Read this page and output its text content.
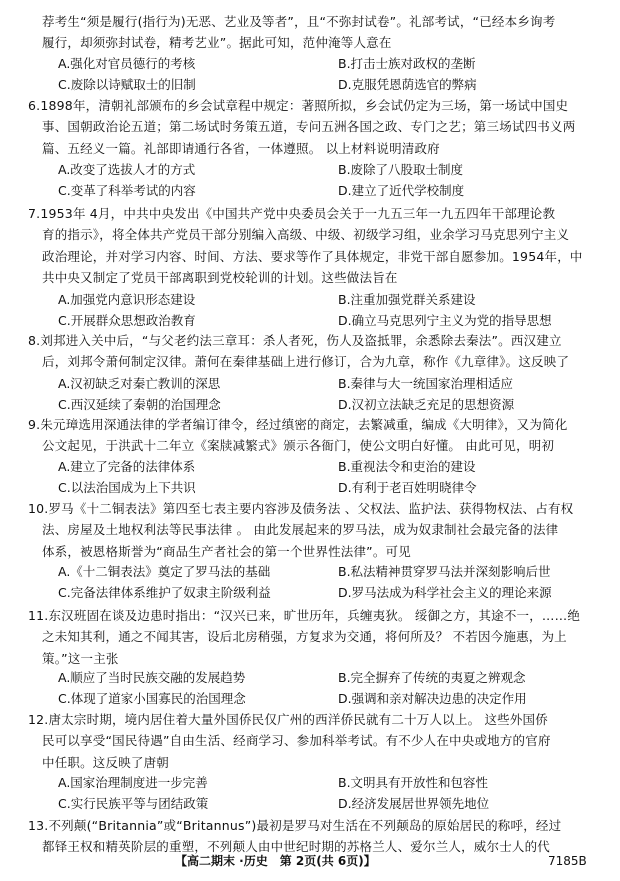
荐考生“须是履行(指行为)无恶、艺业及等者”，且“不弥封试卷”。礼部考试，“已经本乡询考
履行，却须弥封试卷，精考艺业”。据此可知，范仲淹等人意在
A.强化对官员德行的考核	B.打击士族对政权的垄断
C.废除以诗赋取士的旧制	D.克服凭恩荫选官的弊病
6.1898年，清朝礼部颁布的乡会试章程中规定：著照所拟，乡会试仍定为三场，第一场试中国史
事、国朝政治论五道；第二场试时务策五道，专问五洲各国之政、专门之艺；第三场试四书义两
篇、五经义一篇。礼部即请通行各省，一体遵照。 以上材料说明清政府
A.改变了选拔人才的方式	B.废除了八股取士制度
C.变革了科举考试的内容	D.建立了近代学校制度
7.1953年 4月，中共中央发出《中国共产党中央委员会关于一九五三年一九五四年干部理论教
育的指示》，将全体共产党员干部分别编入高级、中级、初级学习组，业余学习马克思列宁主义
政治理论，并对学习内容、时间、方法、要求等作了具体规定，非党干部自愿参加。1954年，中
共中央又制定了党员干部离职到党校轮训的计划。这些做法旨在
A.加强党内意识形态建设	B.注重加强党群关系建设
C.开展群众思想政治教育	D.确立马克思列宁主义为党的指导思想
8.刘邦进入关中后，“与父老约法三章耳：杀人者死，伤人及盗抵罪，余悉除去秦法”。西汉建立
后，刘邦令萧何制定汉律。萧何在秦律基础上进行修订，合为九章，称作《九章律》。这反映了
A.汉初缺乏对秦亡教训的深思	B.秦律与大一统国家治理相适应
C.西汉延续了秦朝的治国理念	D.汉初立法缺乏充足的思想资源
9.朱元璋选用深通法律的学者编订律令，经过缜密的商定，去繁减重，编成《大明律》，又为简化
公文起见，于洪武十二年立《案牍减繁式》颁示各衙门，使公文明白好懂。 由此可见，明初
A.建立了完备的法律体系	B.重视法令和吏治的建设
C.以法治国成为上下共识	D.有利于老百姓明晓律令
10.罗马《十二铜表法》第四至七表主要内容涉及债务法 、父权法、监护法、获得物权法、占有权
法、房屋及土地权利法等民事法律 。 由此发展起来的罗马法，成为奴隶制社会最完备的法律
体系，被恩格斯誉为“商品生产者社会的第一个世界性法律”。可见
A.《十二铜表法》奠定了罗马法的基础	B.私法精神贯穿罗马法并深刻影响后世
C.完备法律体系维护了奴隶主阶级利益	D.罗马法成为科学社会主义的理论来源
11.东汉班固在谈及边患时指出：“汉兴已来，旷世历年，兵缠夷狄。 绥御之方，其途不一，……绝
之未知其利，通之不闻其害，设后北房稍强，方复求为交通，将何所及？ 不若因今施惠，为上
策。”这一主张
A.顺应了当时民族交融的发展趋势	B.完全摒弃了传统的夷夏之辨观念
C.体现了道家小国寡民的治国理念	D.强调和亲对解决边患的决定作用
12.唐太宗时期，境内居住着大量外国侨民仅广州的西洋侨民就有二十万人以上。 这些外国侨
民可以享受“国民待遇”自由生活、经商学习、参加科举考试。有不少人在中央或地方的官府
中任职。这反映了唐朝
A.国家治理制度进一步完善	B.文明具有开放性和包容性
C.实行民族平等与团结政策	D.经济发展居世界领先地位
13.不列颠(“Britannia”或“Britannus”)最初是罗马对生活在不列颠岛的原始居民的称呼，经过
都铎王权和精英阶层的重塑，不列颠人由中世纪时期的苏格兰人、爱尔兰人，威尔士人的代
【高二期末 ·历史　第 2页(共 6页)】	7185B
